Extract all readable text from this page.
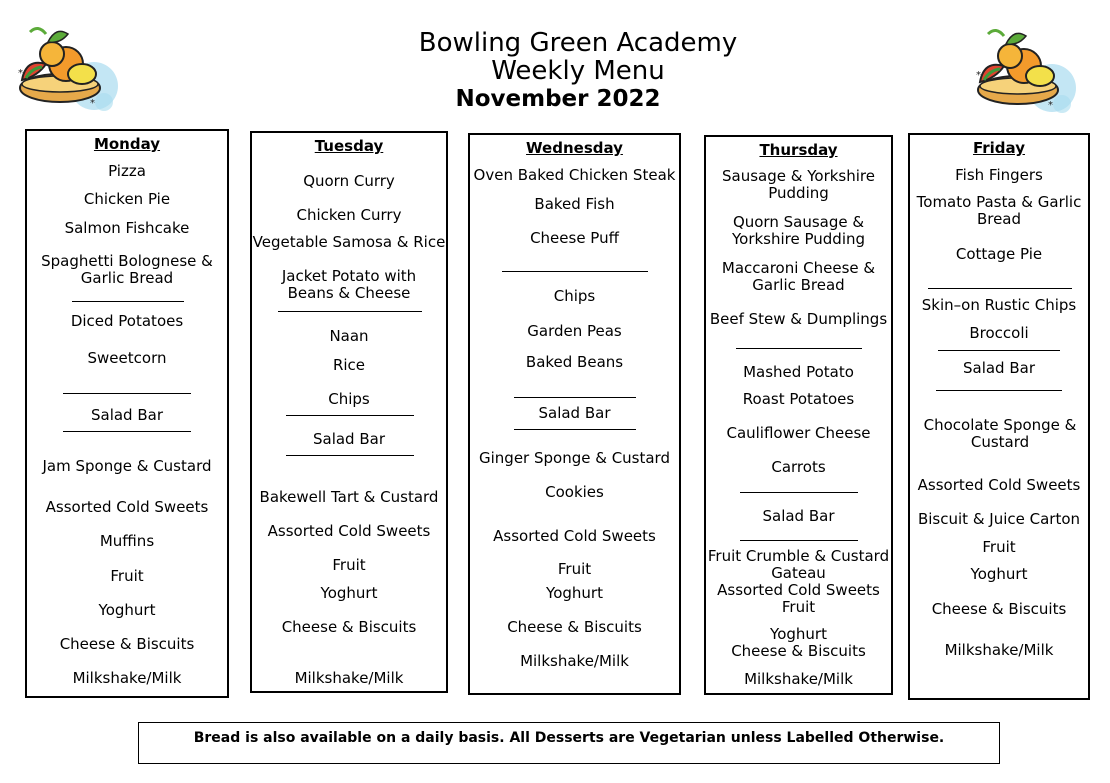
Bowling Green Academy
Weekly Menu
November 2022
*
*
*
*
Monday
Pizza
Chicken Pie
Salmon Fishcake
Spaghetti Bolognese & Garlic Bread
Diced Potatoes
Sweetcorn
Salad Bar
Jam Sponge & Custard
Assorted Cold Sweets
Muffins
Fruit
Yoghurt
Cheese & Biscuits
Milkshake/Milk
Tuesday
Quorn Curry
Chicken Curry
Vegetable Samosa & Rice
Jacket Potato with Beans & Cheese
Naan
Rice
Chips
Salad Bar
Bakewell Tart & Custard
Assorted Cold Sweets
Fruit
Yoghurt
Cheese & Biscuits
Milkshake/Milk
Wednesday
Oven Baked Chicken Steak
Baked Fish
Cheese Puff
Chips
Garden Peas
Baked Beans
Salad Bar
Ginger Sponge & Custard
Cookies
Assorted Cold Sweets
Fruit
Yoghurt
Cheese & Biscuits
Milkshake/Milk
Thursday
Sausage & Yorkshire Pudding
Quorn Sausage & Yorkshire Pudding
Maccaroni Cheese & Garlic Bread
Beef Stew & Dumplings
Mashed Potato
Roast Potatoes
Cauliflower Cheese
Carrots
Salad Bar
Fruit Crumble & Custard
Gateau
Assorted Cold Sweets
Fruit
Yoghurt
Cheese & Biscuits
Milkshake/Milk
Friday
Fish Fingers
Tomato Pasta & Garlic Bread
Cottage Pie
Skin–on Rustic Chips
Broccoli
Salad Bar
Chocolate Sponge & Custard
Assorted Cold Sweets
Biscuit & Juice Carton
Fruit
Yoghurt
Cheese & Biscuits
Milkshake/Milk
Bread is also available on a daily basis. All Desserts are Vegetarian unless Labelled Otherwise.
